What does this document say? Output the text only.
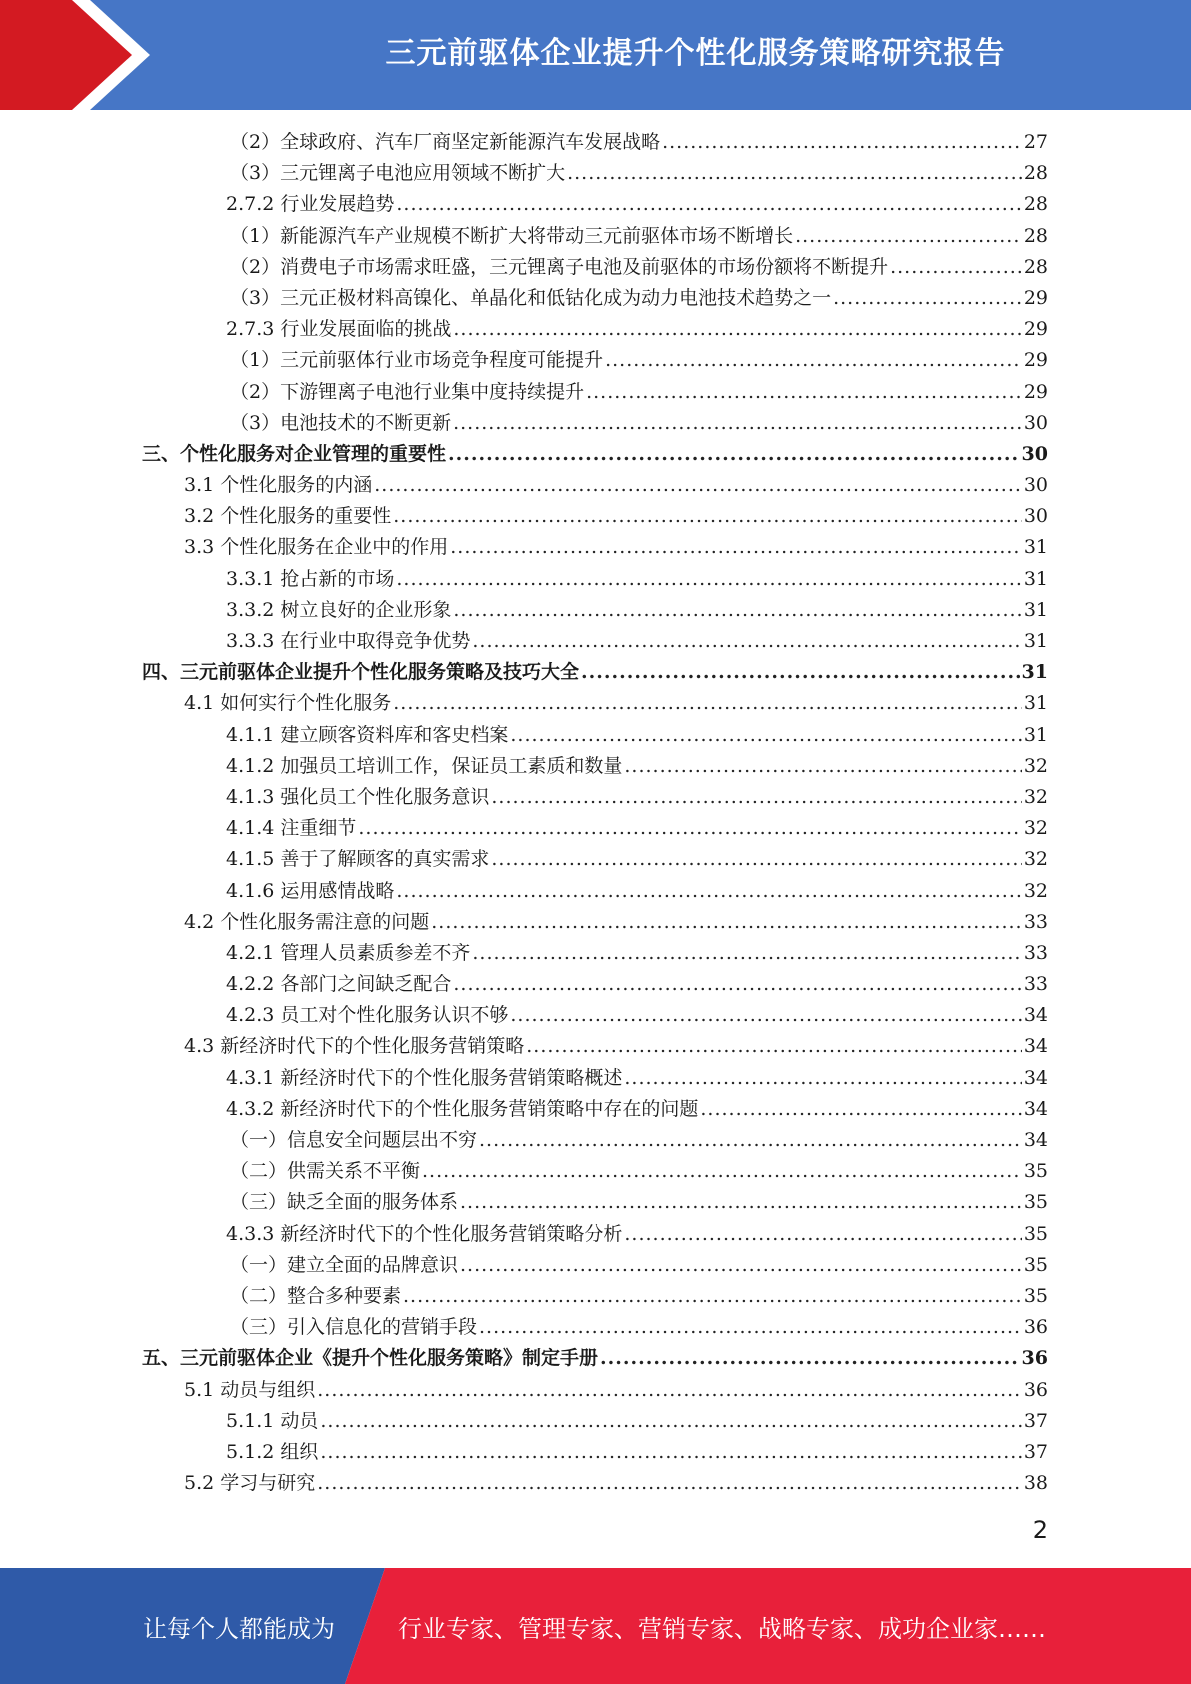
三元前驱体企业提升个性化服务策略研究报告
（2）全球政府、汽车厂商坚定新能源汽车发展战略 .....	27
（3）三元锂离子电池应用领域不断扩大 .....	28
2.7.2 行业发展趋势 .....	28
（1）新能源汽车产业规模不断扩大将带动三元前驱体市场不断增长 .....	28
（2）消费电子市场需求旺盛，三元锂离子电池及前驱体的市场份额将不断提升 .....	28
（3）三元正极材料高镍化、单晶化和低钴化成为动力电池技术趋势之一 .....	29
2.7.3 行业发展面临的挑战 .....	29
（1）三元前驱体行业市场竞争程度可能提升 .....	29
（2）下游锂离子电池行业集中度持续提升 .....	29
（3）电池技术的不断更新 .....	30
三、个性化服务对企业管理的重要性 .....	30
3.1 个性化服务的内涵 .....	30
3.2 个性化服务的重要性 .....	30
3.3 个性化服务在企业中的作用 .....	31
3.3.1 抢占新的市场 .....	31
3.3.2 树立良好的企业形象 .....	31
3.3.3 在行业中取得竞争优势 .....	31
四、三元前驱体企业提升个性化服务策略及技巧大全 .....	31
4.1 如何实行个性化服务 .....	31
4.1.1 建立顾客资料库和客史档案 .....	31
4.1.2 加强员工培训工作，保证员工素质和数量 .....	32
4.1.3 强化员工个性化服务意识 .....	32
4.1.4 注重细节 .....	32
4.1.5 善于了解顾客的真实需求 .....	32
4.1.6 运用感情战略 .....	32
4.2 个性化服务需注意的问题 .....	33
4.2.1 管理人员素质参差不齐 .....	33
4.2.2 各部门之间缺乏配合 .....	33
4.2.3 员工对个性化服务认识不够 .....	34
4.3 新经济时代下的个性化服务营销策略 .....	34
4.3.1 新经济时代下的个性化服务营销策略概述 .....	34
4.3.2 新经济时代下的个性化服务营销策略中存在的问题 .....	34
（一）信息安全问题层出不穷 .....	34
（二）供需关系不平衡 .....	35
（三）缺乏全面的服务体系 .....	35
4.3.3 新经济时代下的个性化服务营销策略分析 .....	35
（一）建立全面的品牌意识 .....	35
（二）整合多种要素 .....	35
（三）引入信息化的营销手段 .....	36
五、三元前驱体企业《提升个性化服务策略》制定手册 .....	36
5.1 动员与组织 .....	36
5.1.1 动员 .....	37
5.1.2 组织 .....	37
5.2 学习与研究 .....	38
2
让每个人都能成为	行业专家、管理专家、营销专家、战略专家、成功企业家……
